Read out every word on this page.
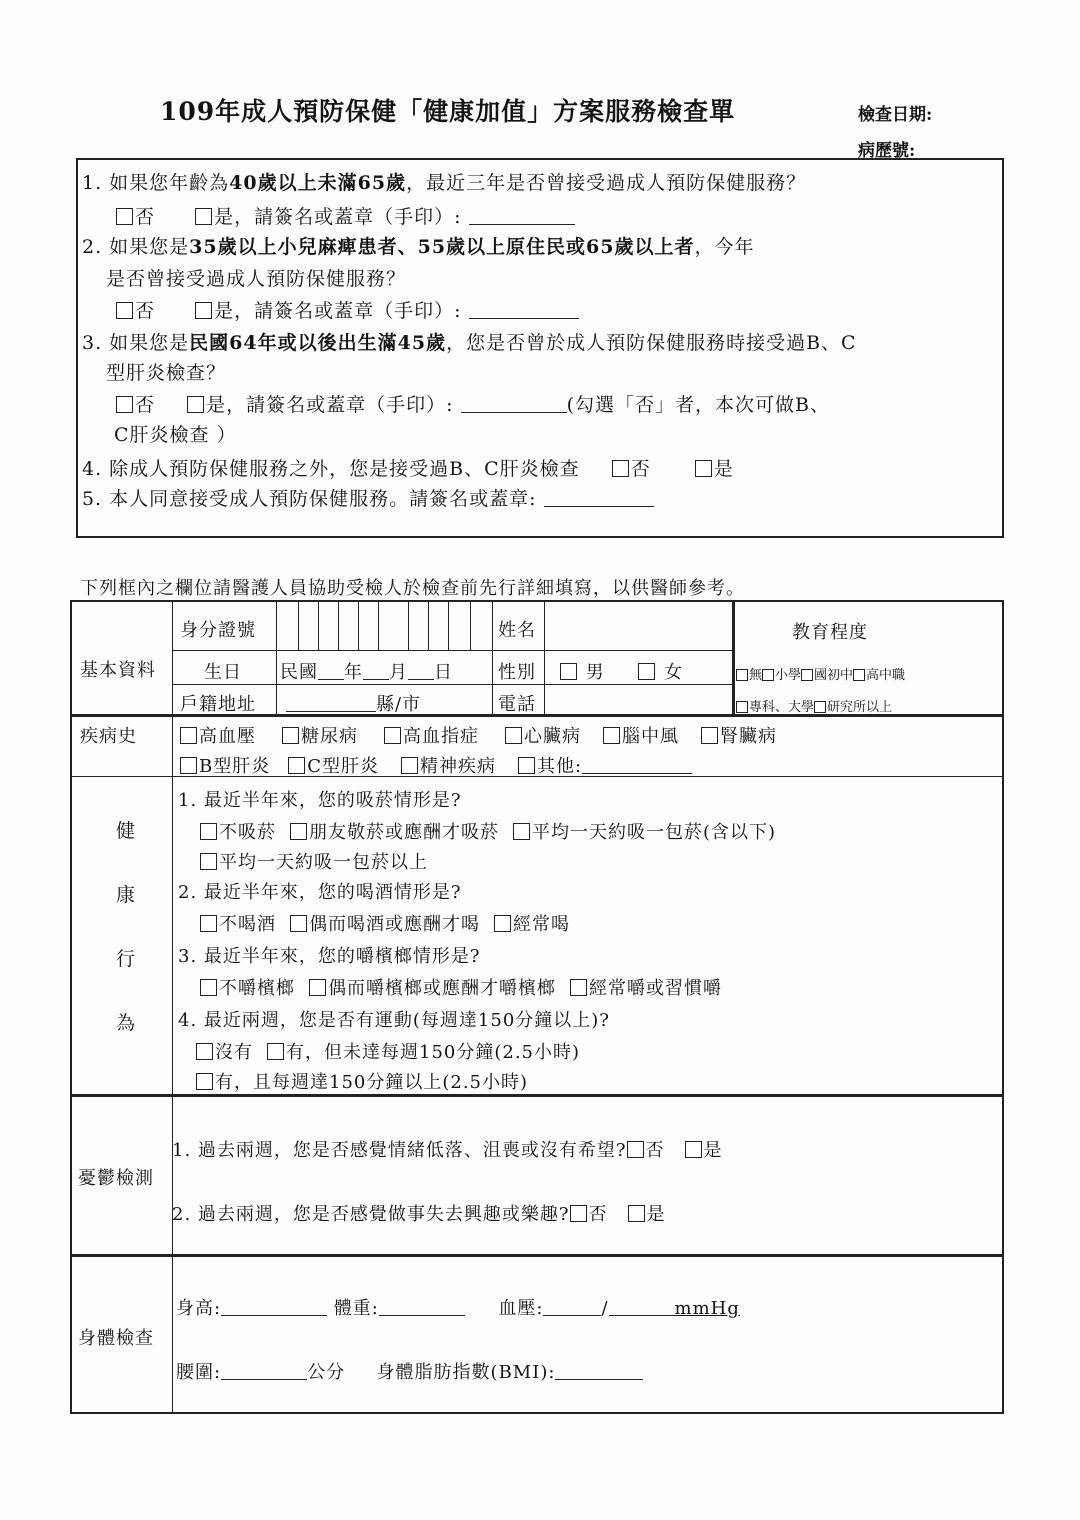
109年成人預防保健「健康加值」方案服務檢查單	檢查日期:
病歷號:
1. 如果您年齡為40歲以上未滿65歲，最近三年是否曾接受過成人預防保健服務？
否	是，請簽名或蓋章（手印）:
2. 如果您是35歲以上小兒麻痺患者、55歲以上原住民或65歲以上者，今年
是否曾接受過成人預防保健服務？
否	是，請簽名或蓋章（手印）:
3. 如果您是民國64年或以後出生滿45歲，您是否曾於成人預防保健服務時接受過B、C
型肝炎檢查？
否	是，請簽名或蓋章（手印）:	(勾選「否」者，本次可做B、
C肝炎檢查 ）
4. 除成人預防保健服務之外，您是接受過B、C肝炎檢查	否	是
5. 本人同意接受成人預防保健服務。請簽名或蓋章:
下列框內之欄位請醫護人員協助受檢人於檢查前先行詳細填寫，以供醫師參考。
基本資料
身分證號	姓名	教育程度
生日 民國 年 月 日	性別	男	女	無 小學 國初中 高中職
戶籍地址	縣/市	電話	專科、大學 研究所以上
疾病史	高血壓	糖尿病	高血指症	心臟病 腦中風 腎臟病
B型肝炎 C型肝炎 精神疾病 其他:
健
康
行
為
1. 最近半年來，您的吸菸情形是?
不吸菸 朋友敬菸或應酬才吸菸 平均一天約吸一包菸(含以下)
平均一天約吸一包菸以上
2. 最近半年來，您的喝酒情形是?
不喝酒 偶而喝酒或應酬才喝 經常喝
3. 最近半年來，您的嚼檳榔情形是?
不嚼檳榔 偶而嚼檳榔或應酬才嚼檳榔 經常嚼或習慣嚼
4. 最近兩週，您是否有運動(每週達150分鐘以上)?
沒有 有，但未達每週150分鐘(2.5小時)
有，且每週達150分鐘以上(2.5小時)
憂鬱檢測
1. 過去兩週，您是否感覺情緒低落、沮喪或沒有希望? 否 是
2. 過去兩週，您是否感覺做事失去興趣或樂趣? 否 是
身體檢查
身高:	體重:	血壓:	/	mmHg
腰圍:	公分 身體脂肪指數(BMI):
